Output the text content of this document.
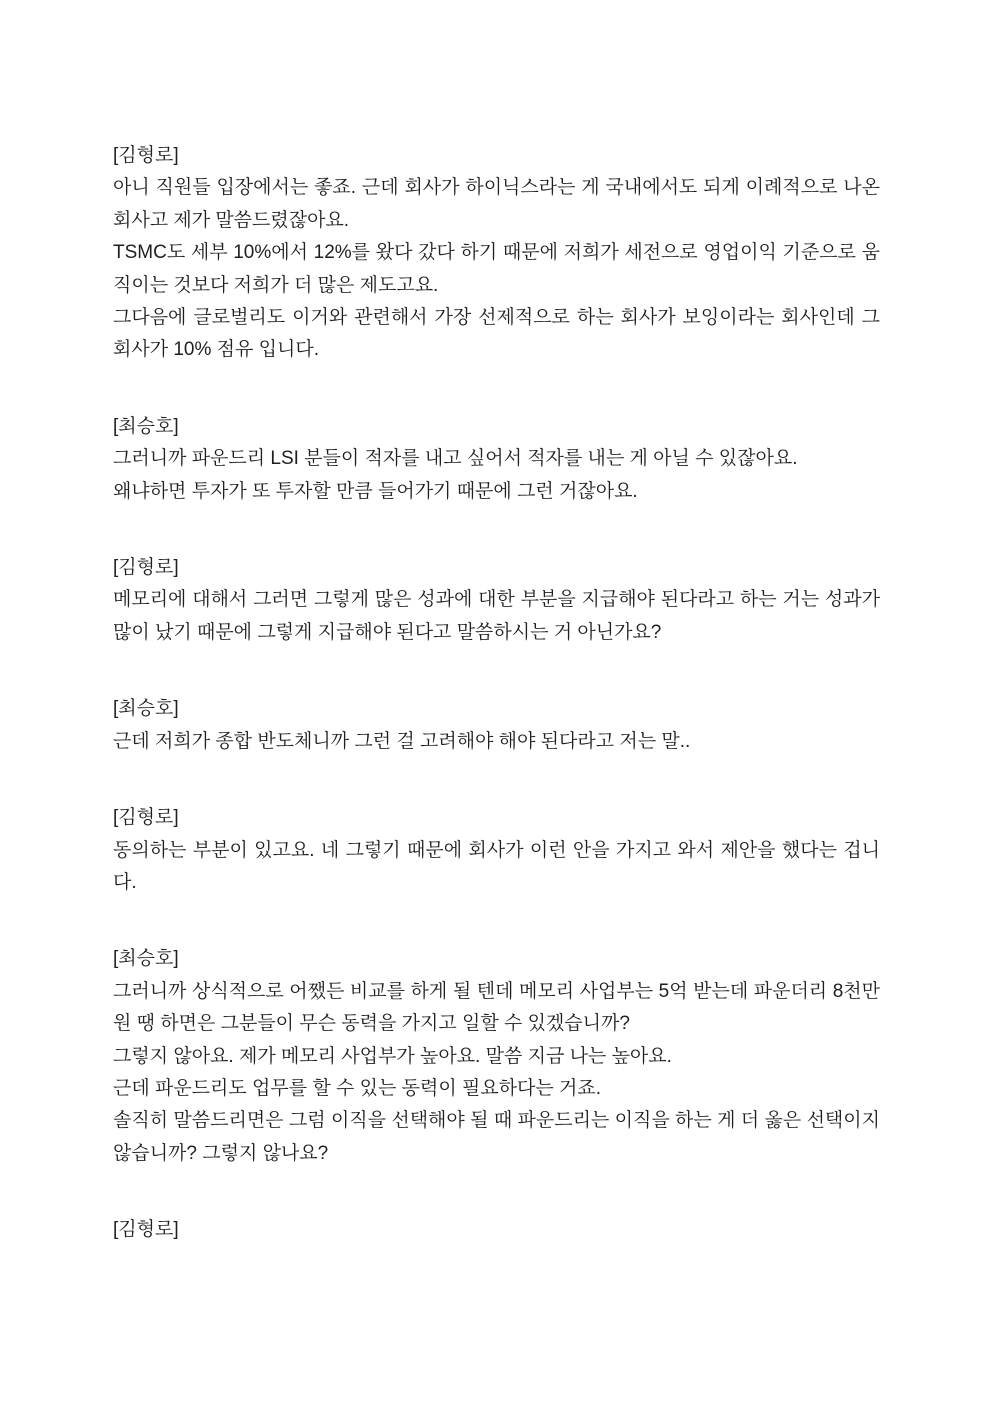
[김형로]

아니 직원들 입장에서는 좋죠. 근데 회사가 하이닉스라는 게 국내에서도 되게 이례적으로 나온 회사고 제가 말씀드렸잖아요.

TSMC도 세부 10%에서 12%를 왔다 갔다 하기 때문에 저희가 세전으로 영업이익 기준으로 움직이는 것보다 저희가 더 많은 제도고요.

그다음에 글로벌리도 이거와 관련해서 가장 선제적으로 하는 회사가 보잉이라는 회사인데 그 회사가 10% 점유 입니다.

[최승호]

그러니까 파운드리 LSI 분들이 적자를 내고 싶어서 적자를 내는 게 아닐 수 있잖아요.

왜냐하면 투자가 또 투자할 만큼 들어가기 때문에 그런 거잖아요.

[김형로]

메모리에 대해서 그러면 그렇게 많은 성과에 대한 부분을 지급해야 된다라고 하는 거는 성과가 많이 났기 때문에 그렇게 지급해야 된다고 말씀하시는 거 아닌가요?

[최승호]

근데 저희가 종합 반도체니까 그런 걸 고려해야 해야 된다라고 저는 말..

[김형로]

동의하는 부분이 있고요. 네 그렇기 때문에 회사가 이런 안을 가지고 와서 제안을 했다는 겁니다.

[최승호]

그러니까 상식적으로 어쨌든 비교를 하게 될 텐데 메모리 사업부는 5억 받는데 파운더리 8천만 원 땡 하면은 그분들이 무슨 동력을 가지고 일할 수 있겠습니까?

그렇지 않아요. 제가 메모리 사업부가 높아요. 말씀 지금 나는 높아요.

근데 파운드리도 업무를 할 수 있는 동력이 필요하다는 거죠.

솔직히 말씀드리면은 그럼 이직을 선택해야 될 때 파운드리는 이직을 하는 게 더 옳은 선택이지 않습니까? 그렇지 않나요?

[김형로]
